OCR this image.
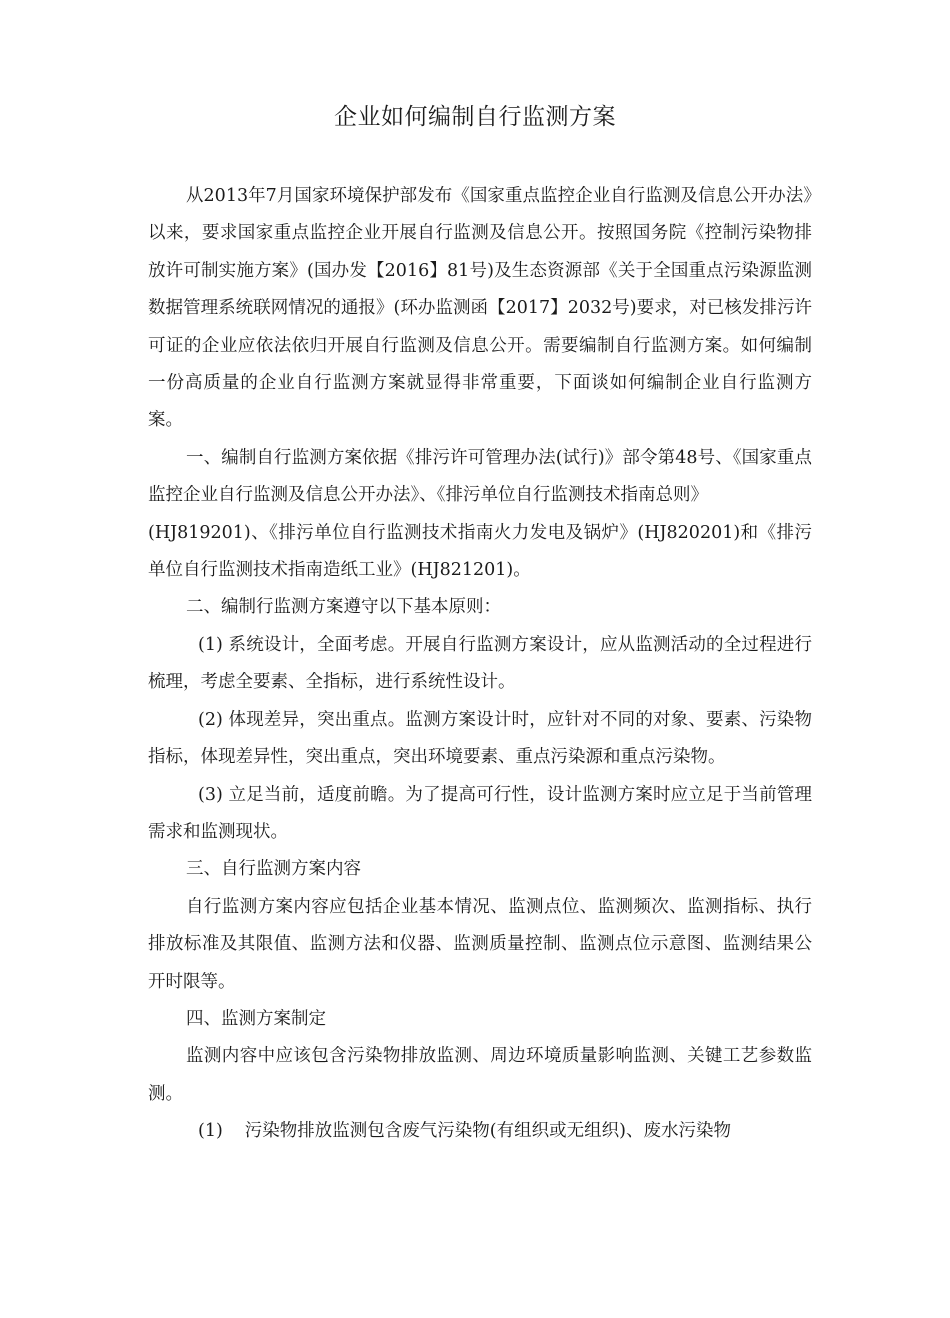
企业如何编制自行监测方案

从2013年7月国家环境保护部发布《国家重点监控企业自行监测及信息公开办法》以来，要求国家重点监控企业开展自行监测及信息公开。按照国务院《控制污染物排放许可制实施方案》(国办发【2016】81号)及生态资源部《关于全国重点污染源监测数据管理系统联网情况的通报》(环办监测函【2017】2032号)要求，对已核发排污许可证的企业应依法依归开展自行监测及信息公开。需要编制自行监测方案。如何编制一份高质量的企业自行监测方案就显得非常重要，下面谈如何编制企业自行监测方案。

一、编制自行监测方案依据《排污许可管理办法(试行)》部令第48号、《国家重点监控企业自行监测及信息公开办法》、《排污单位自行监测技术指南总则》

(HJ819201)、《排污单位自行监测技术指南火力发电及锅炉》(HJ820201)和《排污单位自行监测技术指南造纸工业》(HJ821201)。

二、编制行监测方案遵守以下基本原则：

(1) 系统设计，全面考虑。开展自行监测方案设计，应从监测活动的全过程进行梳理，考虑全要素、全指标，进行系统性设计。

(2) 体现差异，突出重点。监测方案设计时，应针对不同的对象、要素、污染物指标，体现差异性，突出重点，突出环境要素、重点污染源和重点污染物。

(3) 立足当前，适度前瞻。为了提高可行性，设计监测方案时应立足于当前管理需求和监测现状。

三、自行监测方案内容

自行监测方案内容应包括企业基本情况、监测点位、监测频次、监测指标、执行排放标准及其限值、监测方法和仪器、监测质量控制、监测点位示意图、监测结果公开时限等。

四、监测方案制定

监测内容中应该包含污染物排放监测、周边环境质量影响监测、关键工艺参数监测。

(1) 污染物排放监测包含废气污染物(有组织或无组织)、废水污染物
